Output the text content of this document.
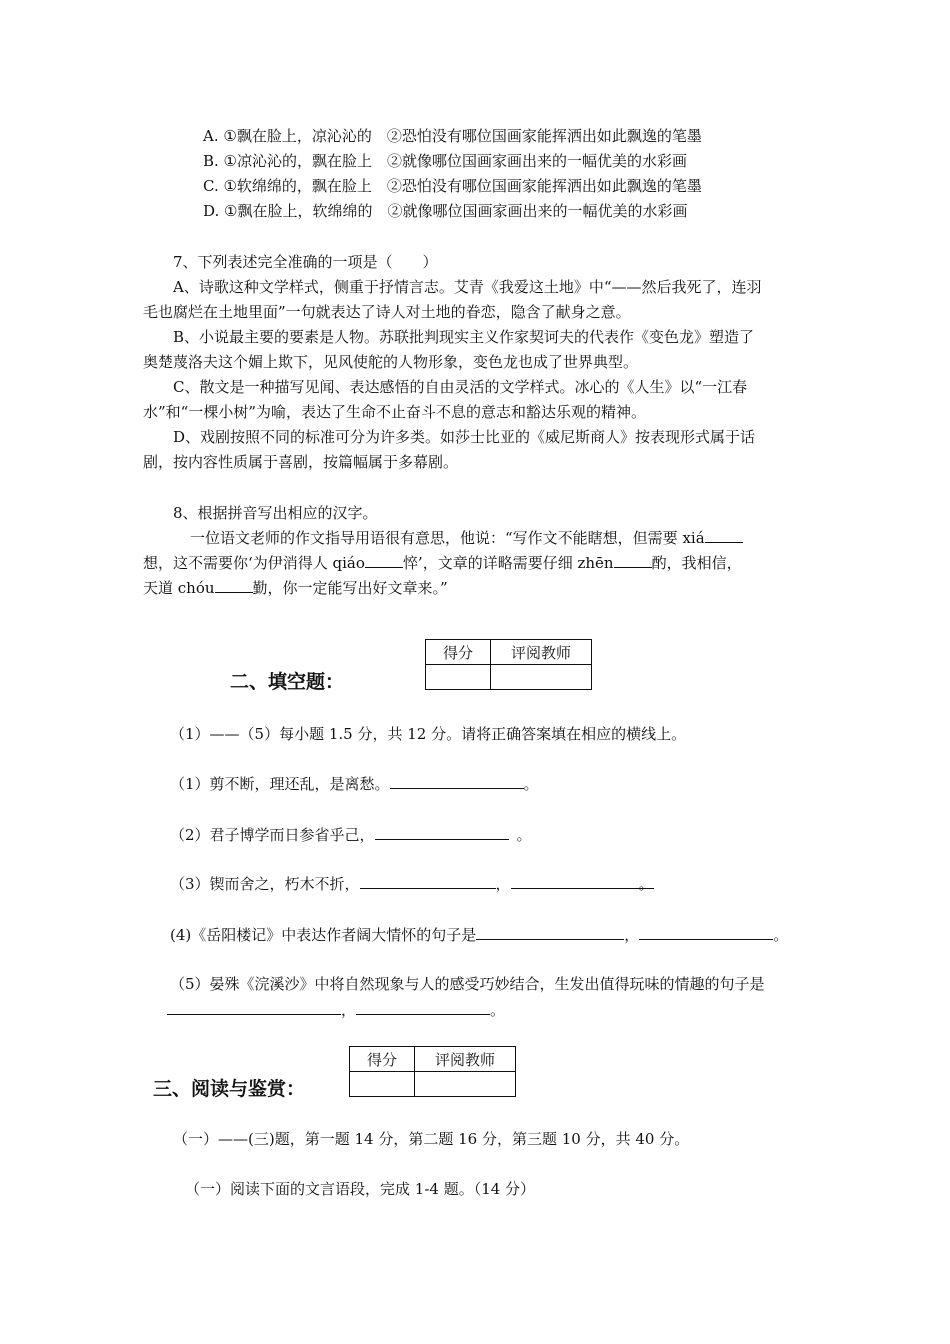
A. ①飘在脸上，凉沁沁的　②恐怕没有哪位国画家能挥洒出如此飘逸的笔墨
B. ①凉沁沁的，飘在脸上　②就像哪位国画家画出来的一幅优美的水彩画
C. ①软绵绵的，飘在脸上　②恐怕没有哪位国画家能挥洒出如此飘逸的笔墨
D. ①飘在脸上，软绵绵的　②就像哪位国画家画出来的一幅优美的水彩画
7、下列表述完全准确的一项是（　　）
A、诗歌这种文学样式，侧重于抒情言志。艾青《我爱这土地》中“——然后我死了，连羽
毛也腐烂在土地里面”一句就表达了诗人对土地的眷恋，隐含了献身之意。
B、小说最主要的要素是人物。苏联批判现实主义作家契诃夫的代表作《变色龙》塑造了
奥楚蔑洛夫这个媚上欺下，见风使舵的人物形象，变色龙也成了世界典型。
C、散文是一种描写见闻、表达感悟的自由灵活的文学样式。冰心的《人生》以“一江春
水”和“一棵小树”为喻，表达了生命不止奋斗不息的意志和豁达乐观的精神。
D、戏剧按照不同的标准可分为许多类。如莎士比亚的《威尼斯商人》按表现形式属于话
剧，按内容性质属于喜剧，按篇幅属于多幕剧。
8、根据拼音写出相应的汉字。
一位语文老师的作文指导用语很有意思，他说：“写作文不能瞎想，但需要 xiá
想，这不需要你‘为伊消得人 qiáo	悴’，文章的详略需要仔细 zhēn	酌，我相信，
天道 chóu	勤，你一定能写出好文章来。”
得分	评阅教师

二、填空题：
（1）——（5）每小题 1.5 分，共 12 分。请将正确答案填在相应的横线上。
（1）剪不断，理还乱，是离愁。	。
（2）君子博学而日参省乎己，	。
（3）锲而舍之，朽木不折，	，	。
(4)《岳阳楼记》中表达作者阔大情怀的句子是	，	。
（5）晏殊《浣溪沙》中将自然现象与人的感受巧妙结合，生发出值得玩味的情趣的句子是
，	。
得分	评阅教师

三、阅读与鉴赏：
（一）——(三)题，第一题 14 分，第二题 16 分，第三题 10 分，共 40 分。
（一）阅读下面的文言语段，完成 1-4 题。（14 分）
